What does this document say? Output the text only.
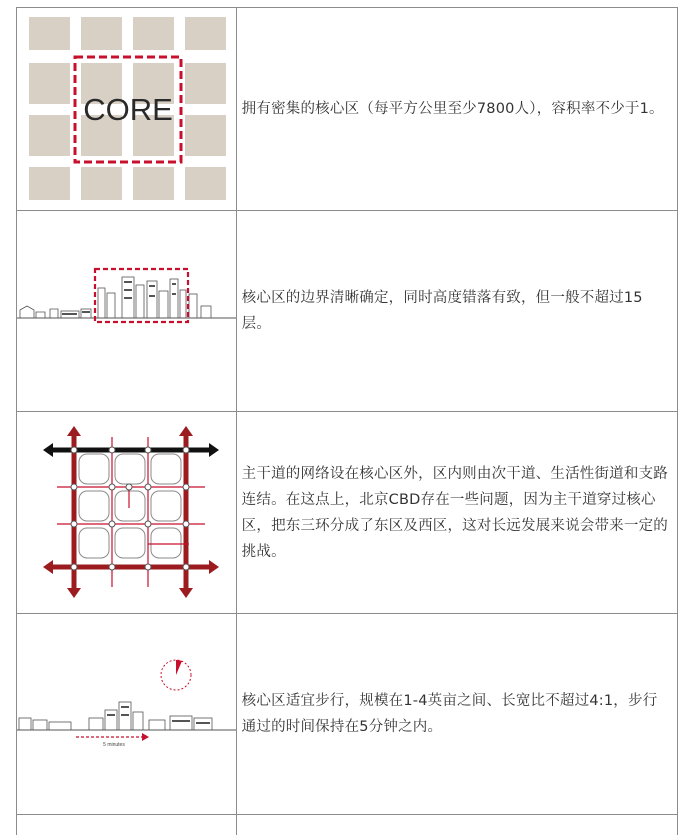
CORE	拥有密集的核心区（每平方公里至少7800人），容积率不少于1。

核心区的边界清晰确定，同时高度错落有致，但一般不超过15层。

主干道的网络设在核心区外，区内则由次干道、生活性街道和支路连结。在这点上，北京CBD存在一些问题，因为主干道穿过核心区，把东三环分成了东区及西区，这对长远发展来说会带来一定的挑战。

5 minutes

核心区适宜步行，规模在1-4英亩之间、长宽比不超过4:1，步行通过的时间保持在5分钟之内。
